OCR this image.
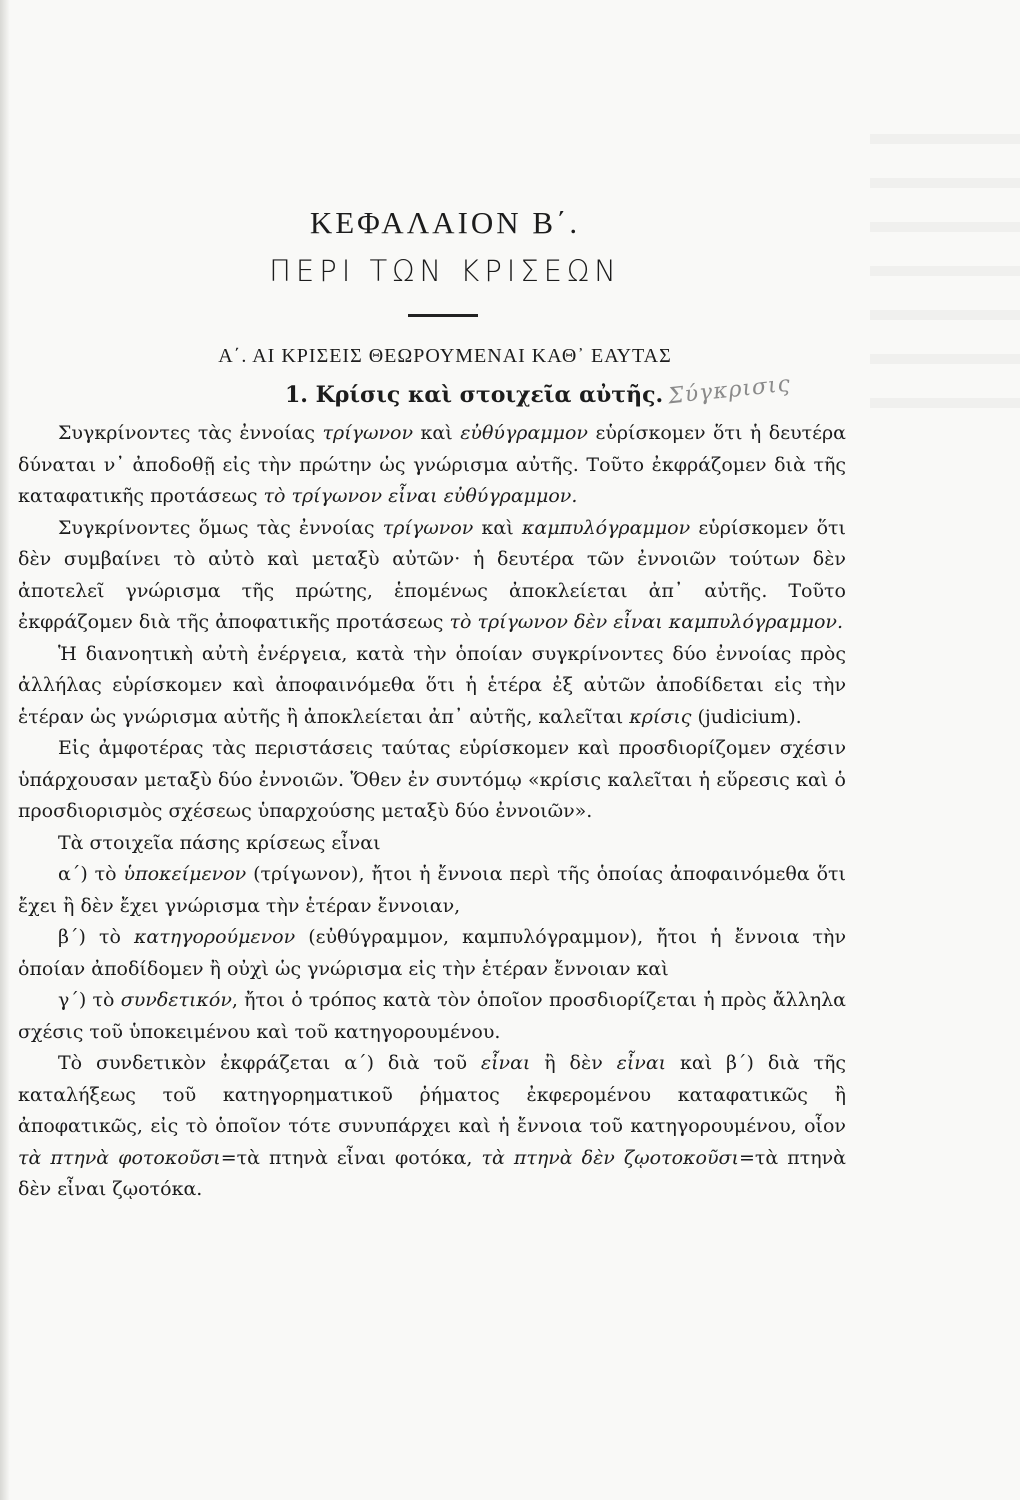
ΚΕΦΑΛΑΙΟΝ Β΄.
ΠΕΡΙ ΤΩΝ ΚΡΙΣΕΩΝ
Α΄. ΑΙ ΚΡΙΣΕΙΣ ΘΕΩΡΟΥΜΕΝΑΙ ΚΑΘ᾿ ΕΑΥΤΑΣ
1. Κρίσις καὶ στοιχεῖα αὐτῆς. Σύγκρισις

Συγκρίνοντες τὰς ἐννοίας τρίγωνον καὶ εὐθύγραμμον εὑρίσκομεν ὅτι ἡ δευτέρα δύναται ν᾿ ἀποδοθῇ εἰς τὴν πρώτην ὡς γνώρισμα αὐτῆς. Τοῦτο ἐκφράζομεν διὰ τῆς καταφατικῆς προτάσεως τὸ τρίγωνον εἶναι εὐθύγραμμον.

Συγκρίνοντες ὅμως τὰς ἐννοίας τρίγωνον καὶ καμπυλόγραμμον εὑρίσκομεν ὅτι δὲν συμβαίνει τὸ αὐτὸ καὶ μεταξὺ αὐτῶν· ἡ δευτέρα τῶν ἐννοιῶν τούτων δὲν ἀποτελεῖ γνώρισμα τῆς πρώτης, ἑπομένως ἀποκλείεται ἀπ᾿ αὐτῆς. Τοῦτο ἐκφράζομεν διὰ τῆς ἀποφατικῆς προτάσεως τὸ τρίγωνον δὲν εἶναι καμπυλόγραμμον.

Ἡ διανοητικὴ αὐτὴ ἐνέργεια, κατὰ τὴν ὁποίαν συγκρίνοντες δύο ἐννοίας πρὸς ἀλλήλας εὑρίσκομεν καὶ ἀποφαινόμεθα ὅτι ἡ ἑτέρα ἐξ αὐτῶν ἀποδίδεται εἰς τὴν ἑτέραν ὡς γνώρισμα αὐτῆς ἢ ἀποκλείεται ἀπ᾿ αὐτῆς, καλεῖται κρίσις (judicium).

Εἰς ἀμφοτέρας τὰς περιστάσεις ταύτας εὑρίσκομεν καὶ προσδιορίζομεν σχέσιν ὑπάρχουσαν μεταξὺ δύο ἐννοιῶν. Ὅθεν ἐν συντόμῳ «κρίσις καλεῖται ἡ εὕρεσις καὶ ὁ προσδιορισμὸς σχέσεως ὑπαρχούσης μεταξὺ δύο ἐννοιῶν».

Τὰ στοιχεῖα πάσης κρίσεως εἶναι

α΄) τὸ ὑποκείμενον (τρίγωνον), ἤτοι ἡ ἔννοια περὶ τῆς ὁποίας ἀποφαινόμεθα ὅτι ἔχει ἢ δὲν ἔχει γνώρισμα τὴν ἑτέραν ἔννοιαν,

β΄) τὸ κατηγορούμενον (εὐθύγραμμον, καμπυλόγραμμον), ἤτοι ἡ ἔννοια τὴν ὁποίαν ἀποδίδομεν ἢ οὐχὶ ὡς γνώρισμα εἰς τὴν ἑτέραν ἔννοιαν καὶ

γ΄) τὸ συνδετικόν, ἤτοι ὁ τρόπος κατὰ τὸν ὁποῖον προσδιορίζεται ἡ πρὸς ἄλληλα σχέσις τοῦ ὑποκειμένου καὶ τοῦ κατηγορουμένου.

Τὸ συνδετικὸν ἐκφράζεται α΄) διὰ τοῦ εἶναι ἢ δὲν εἶναι καὶ β΄) διὰ τῆς καταλήξεως τοῦ κατηγορηματικοῦ ῥήματος ἐκφερομένου καταφατικῶς ἢ ἀποφατικῶς, εἰς τὸ ὁποῖον τότε συνυπάρχει καὶ ἡ ἔννοια τοῦ κατηγορουμένου, οἷον τὰ πτηνὰ φοτοκοῦσι=τὰ πτηνὰ εἶναι φοτόκα, τὰ πτηνὰ δὲν ζῳοτοκοῦσι=τὰ πτηνὰ δὲν εἶναι ζῳοτόκα.
